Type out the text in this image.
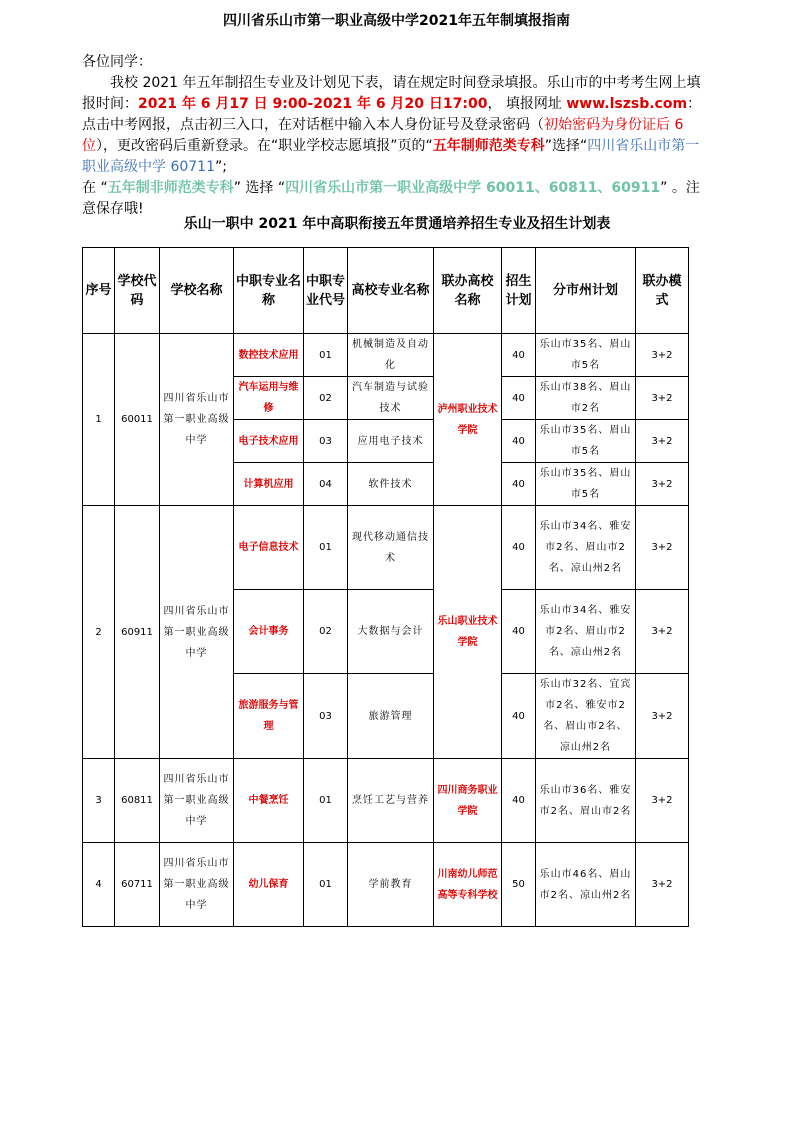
四川省乐山市第一职业高级中学2021年五年制填报指南

各位同学：

我校 2021 年五年制招生专业及计划见下表，请在规定时间登录填报。乐山市的中考考生网上填报时间：2021 年 6 月17 日 9:00-2021 年 6 月20 日17:00， 填报网址 www.lszsb.com：点击中考网报，点击初三入口，在对话框中输入本人身份证号及登录密码（初始密码为身份证后 6 位），更改密码后重新登录。在“职业学校志愿填报”页的“五年制师范类专科”选择“四川省乐山市第一职业高级中学 60711”;

在 “五年制非师范类专科” 选择 “四川省乐山市第一职业高级中学 60011、60811、60911” 。注意保存哦!

乐山一职中 2021 年中高职衔接五年贯通培养招生专业及招生计划表
序号	学校代码	学校名称	中职专业名称	中职专业代号	高校专业名称	联办高校名称	招生计划	分市州计划	联办模式
1	60011	四川省乐山市第一职业高级中学	数控技术应用	01	机械制造及自动化	泸州职业技术学院	40	乐山市35名、眉山市5名	3+2
			汽车运用与维修	02	汽车制造与试验技术		40	乐山市38名、眉山市2名	3+2
			电子技术应用	03	应用电子技术		40	乐山市35名、眉山市5名	3+2
			计算机应用	04	软件技术		40	乐山市35名、眉山市5名	3+2
2	60911	四川省乐山市第一职业高级中学	电子信息技术	01	现代移动通信技术	乐山职业技术学院	40	乐山市34名、雅安市2名、眉山市2名、凉山州2名	3+2
			会计事务	02	大数据与会计		40	乐山市34名、雅安市2名、眉山市2名、凉山州2名	3+2
			旅游服务与管理	03	旅游管理		40	乐山市32名、宜宾市2名、雅安市2名、眉山市2名、凉山州2名	3+2
3	60811	四川省乐山市第一职业高级中学	中餐烹饪	01	烹饪工艺与营养	四川商务职业学院	40	乐山市36名、雅安市2名、眉山市2名	3+2
4	60711	四川省乐山市第一职业高级中学	幼儿保育	01	学前教育	川南幼儿师范高等专科学校	50	乐山市46名、眉山市2名、凉山州2名	3+2
